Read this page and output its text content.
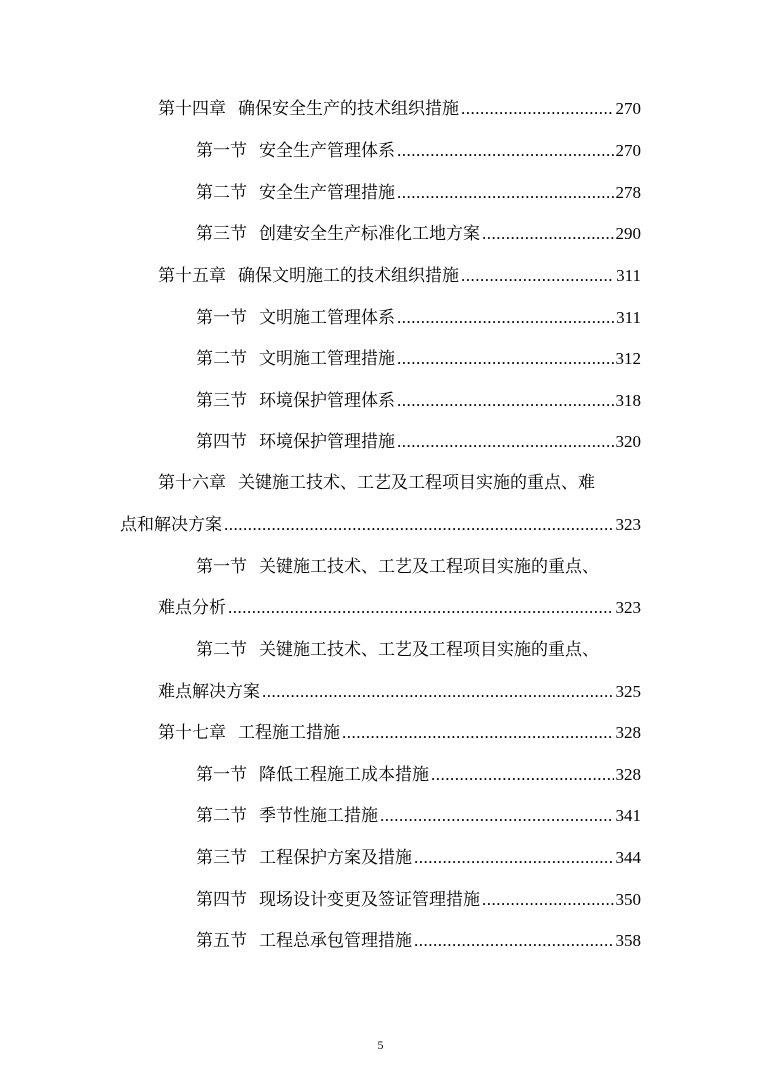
第十四章 确保安全生产的技术组织措施 .....	270
第一节 安全生产管理体系 .....	270
第二节 安全生产管理措施 .....	278
第三节 创建安全生产标准化工地方案 .....	290
第十五章 确保文明施工的技术组织措施 .....	311
第一节 文明施工管理体系 .....	311
第二节 文明施工管理措施 .....	312
第三节 环境保护管理体系 .....	318
第四节 环境保护管理措施 .....	320
第十六章 关键施工技术、工艺及工程项目实施的重点、难
点和解决方案 .....	323
第一节 关键施工技术、工艺及工程项目实施的重点、
难点分析 .....	323
第二节 关键施工技术、工艺及工程项目实施的重点、
难点解决方案 .....	325
第十七章 工程施工措施 .....	328
第一节 降低工程施工成本措施 .....	328
第二节 季节性施工措施 .....	341
第三节 工程保护方案及措施 .....	344
第四节 现场设计变更及签证管理措施 .....	350
第五节 工程总承包管理措施 .....	358
5
